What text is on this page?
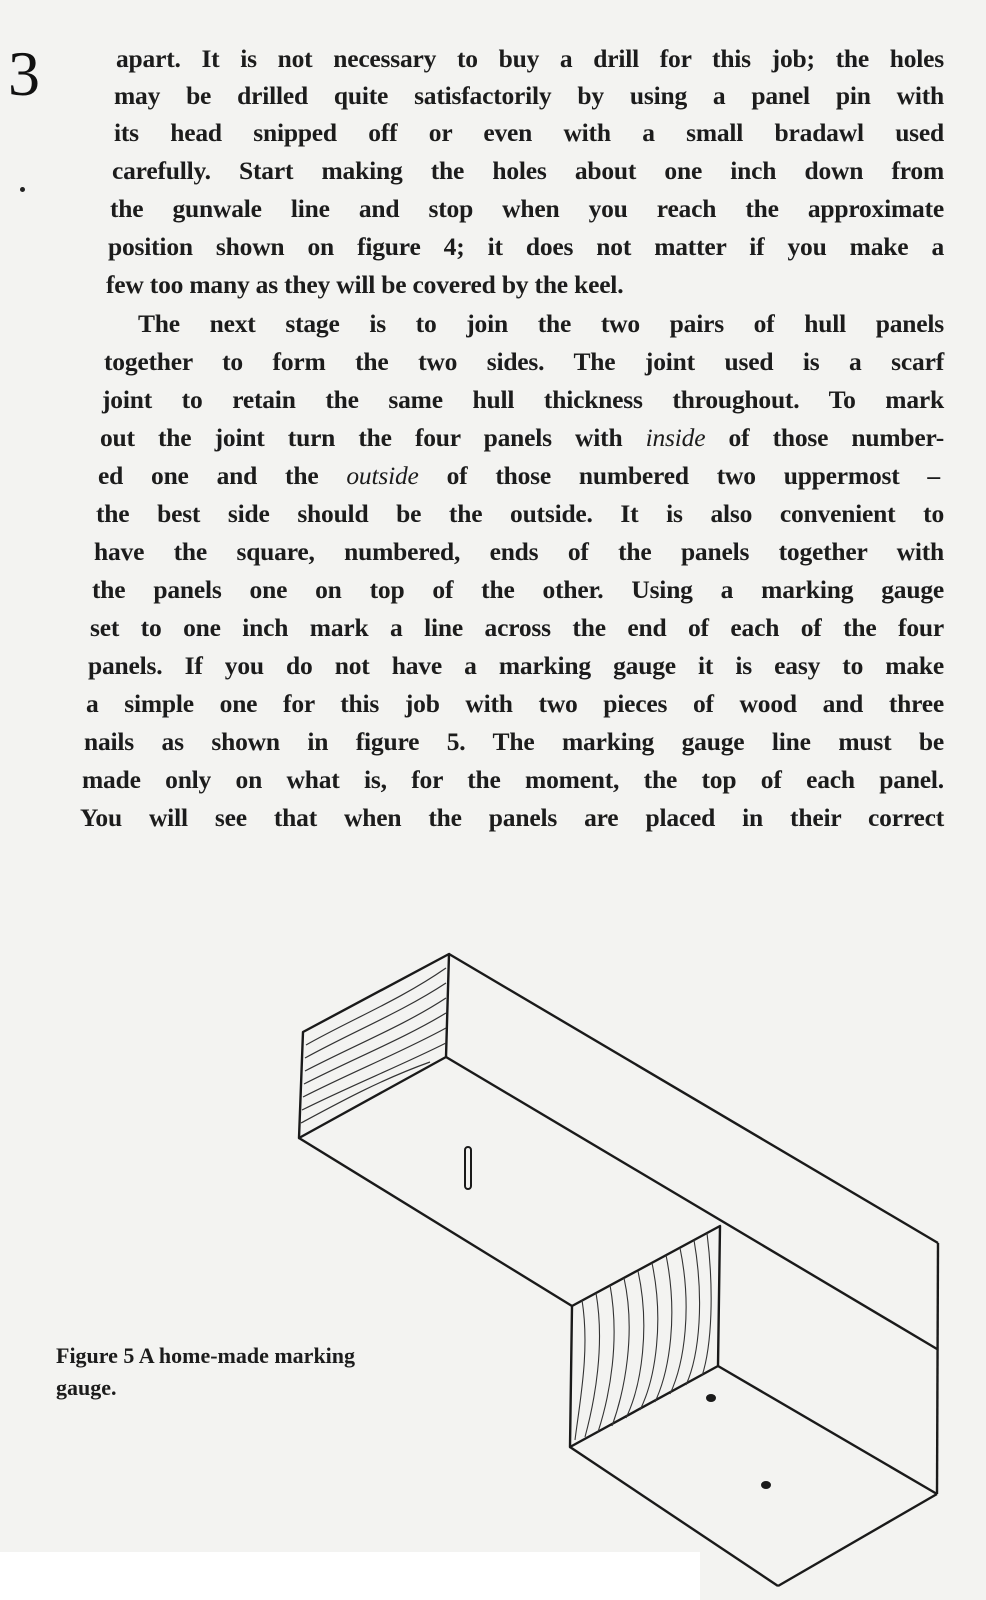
3	apart. It is not necessary to buy a drill for this job; the holes
may be drilled quite satisfactorily by using a panel pin with
its head snipped off or even with a small bradawl used
carefully. Start making the holes about one inch down from
the gunwale line and stop when you reach the approximate
position shown on figure 4; it does not matter if you make a
few too many as they will be covered by the keel.
The next stage is to join the two pairs of hull panels
together to form the two sides. The joint used is a scarf
joint to retain the same hull thickness throughout. To mark
out the joint turn the four panels with inside of those number-
ed one and the outside of those numbered two uppermost –
the best side should be the outside. It is also convenient to
have the square, numbered, ends of the panels together with
the panels one on top of the other. Using a marking gauge
set to one inch mark a line across the end of each of the four
panels. If you do not have a marking gauge it is easy to make
a simple one for this job with two pieces of wood and three
nails as shown in figure 5. The marking gauge line must be
made only on what is, for the moment, the top of each panel.
You will see that when the panels are placed in their correct
Figure 5 A home-made marking
gauge.
